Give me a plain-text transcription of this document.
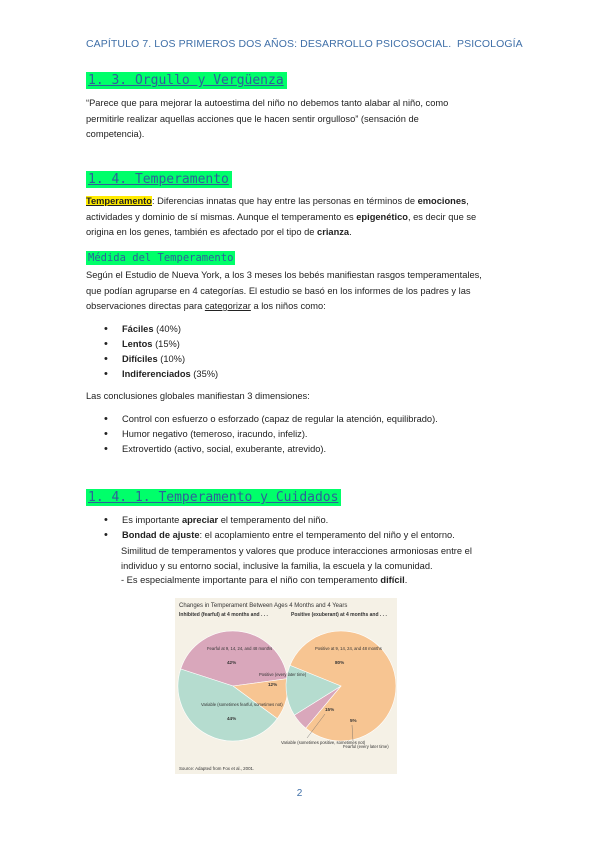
CAPÍTULO 7. LOS PRIMEROS DOS AÑOS: DESARROLLO PSICOSOCIAL. PSICOLOGÍA
1. 3. Orgullo y Vergüenza
“Parece que para mejorar la autoestima del niño no debemos tanto alabar al niño, como
permitirle realizar aquellas acciones que le hacen sentir orgulloso” (sensación de
competencia).
1. 4. Temperamento
Temperamento: Diferencias innatas que hay entre las personas en términos de emociones,
actividades y dominio de sí mismas. Aunque el temperamento es epigenético, es decir que se
origina en los genes, también es afectado por el tipo de crianza.
Médida del Temperamento
Según el Estudio de Nueva York, a los 3 meses los bebés manifiestan rasgos temperamentales,
que podían agruparse en 4 categorías. El estudio se basó en los informes de los padres y las
observaciones directas para categorizar a los niños como:
• Fáciles (40%)
• Lentos (15%)
• Difíciles (10%)
• Indiferenciados (35%)
Las conclusiones globales manifiestan 3 dimensiones:
• Control con esfuerzo o esforzado (capaz de regular la atención, equilibrado).
• Humor negativo (temeroso, iracundo, infeliz).
• Extrovertido (activo, social, exuberante, atrevido).
1. 4. 1. Temperamento y Cuidados
• Es importante apreciar el temperamento del niño.
• Bondad de ajuste: el acoplamiento entre el temperamento del niño y el entorno.
Similitud de temperamentos y valores que produce interacciones armoniosas entre el
individuo y su entorno social, inclusive la familia, la escuela y la comunidad.
- Es especialmente importante para el niño con temperamento difícil.
Changes in Temperament Between Ages 4 Months and 4 Years
Inhibited (fearful) at 4 months and . . .	Positive (exuberant) at 4 months and . . .
Fearful at 9, 14, 24, and 48 months
42%
Positive (every later time)
12%
Variable (sometimes fearful, sometimes not)
44%
Positive at 9, 14, 24, and 48 months
80%
15%
5%
Variable (sometimes positive, sometimes not)
Fearful (every later time)
Source: Adapted from Fox et al., 2001.
2
